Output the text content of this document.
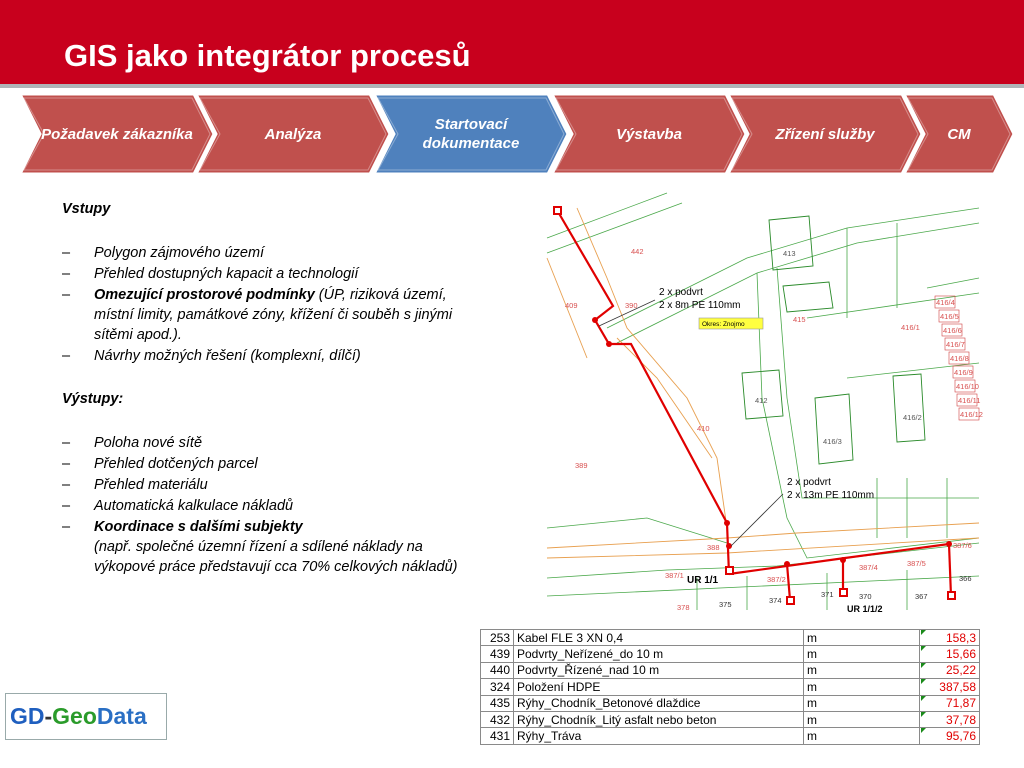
GIS jako integrátor procesů
Požadavek zákazníka	Analýza
Startovací dokumentace
Výstavba	Zřízení služby	CM
Vstupy
– Polygon zájmového území
– Přehled dostupných kapacit a technologií
– Omezující prostorové podmínky (ÚP, riziková území, místní limity, památkové zóny, křížení či souběh s jinými sítěmi apod.).
– Návrhy možných řešení (komplexní, dílčí)
Výstupy:
– Poloha nové sítě
– Přehled dotčených parcel
– Přehled materiálu
– Automatická kalkulace nákladů
– Koordinace s dalšími subjekty
(např. společné územní řízení a sdílené náklady na výkopové práce představují cca 70% celkových nákladů)
442	413
409	390
416/1
415
412
416/2
416/3
410
389
388
387/1	387/2
387/4	387/5
387/6
375	374
371	370	367
366
378
416/4
416/5
416/6
416/7
416/8
416/9
416/10
416/11
416/12
2 x podvrt
2 x 8m PE 110mm
2 x podvrt
2 x 13m PE 110mm
Okres: Znojmo
UR 1/1
UR 1/1/2
253	Kabel FLE 3 XN 0,4	m	158,3
439	Podvrty_Neřízené_do 10 m	m	15,66
440	Podvrty_Řízené_nad 10 m	m	25,22
324	Položení HDPE	m	387,58
435	Rýhy_Chodník_Betonové dlaždice	m	71,87
432	Rýhy_Chodník_Litý asfalt nebo beton	m	37,78
431	Rýhy_Tráva	m	95,76
GD - Geo Data
